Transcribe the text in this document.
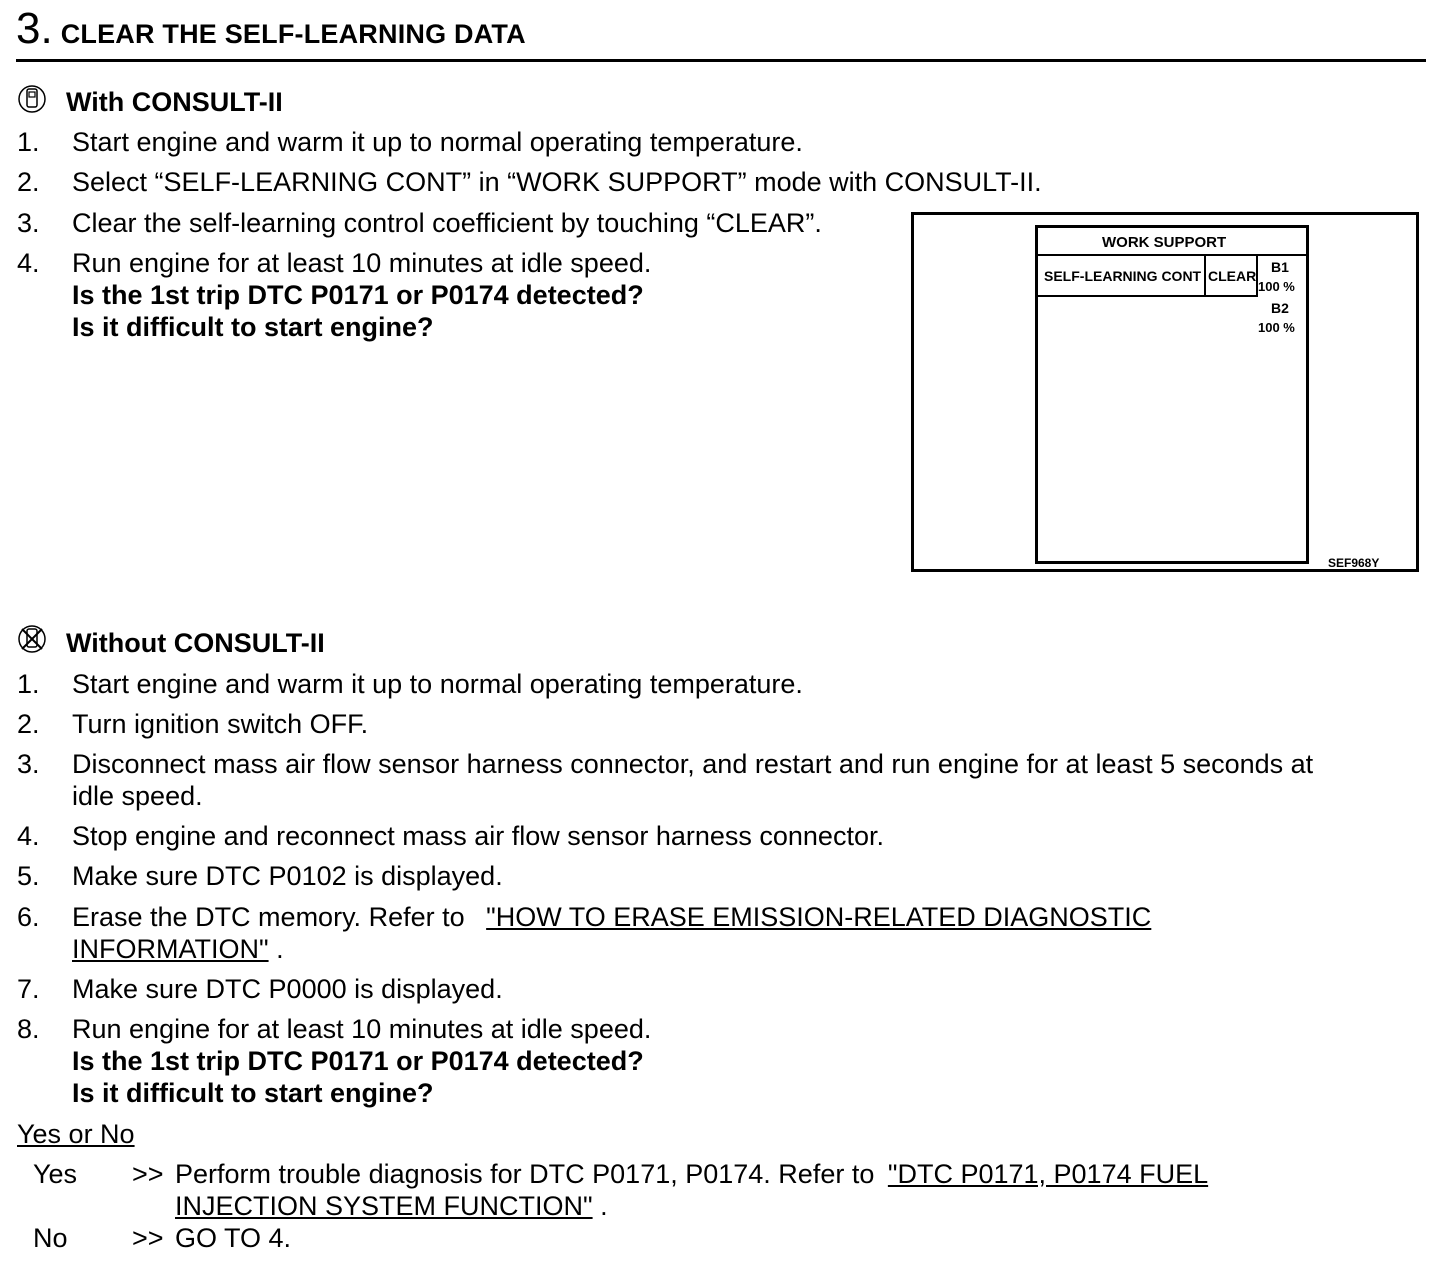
3. CLEAR THE SELF-LEARNING DATA
With CONSULT-II
1. Start engine and warm it up to normal operating temperature.
2. Select “SELF-LEARNING CONT” in “WORK SUPPORT” mode with CONSULT-II.
3. Clear the self-learning control coefficient by touching “CLEAR”.
4. Run engine for at least 10 minutes at idle speed.
Is the 1st trip DTC P0171 or P0174 detected?
Is it difficult to start engine?
WORK SUPPORT
SELF-LEARNING CONT CLEAR
B1
100 %
B2
100 %
SEF968Y
Without CONSULT-II
1. Start engine and warm it up to normal operating temperature.
2. Turn ignition switch OFF.
3. Disconnect mass air flow sensor harness connector, and restart and run engine for at least 5 seconds at
idle speed.
4. Stop engine and reconnect mass air flow sensor harness connector.
5. Make sure DTC P0102 is displayed.
6. Erase the DTC memory. Refer to "HOW TO ERASE EMISSION-RELATED DIAGNOSTIC
INFORMATION" .
7. Make sure DTC P0000 is displayed.
8. Run engine for at least 10 minutes at idle speed.
Is the 1st trip DTC P0171 or P0174 detected?
Is it difficult to start engine?
Yes or No
Yes >> Perform trouble diagnosis for DTC P0171, P0174. Refer to "DTC P0171, P0174 FUEL
INJECTION SYSTEM FUNCTION" .
No >> GO TO 4.
